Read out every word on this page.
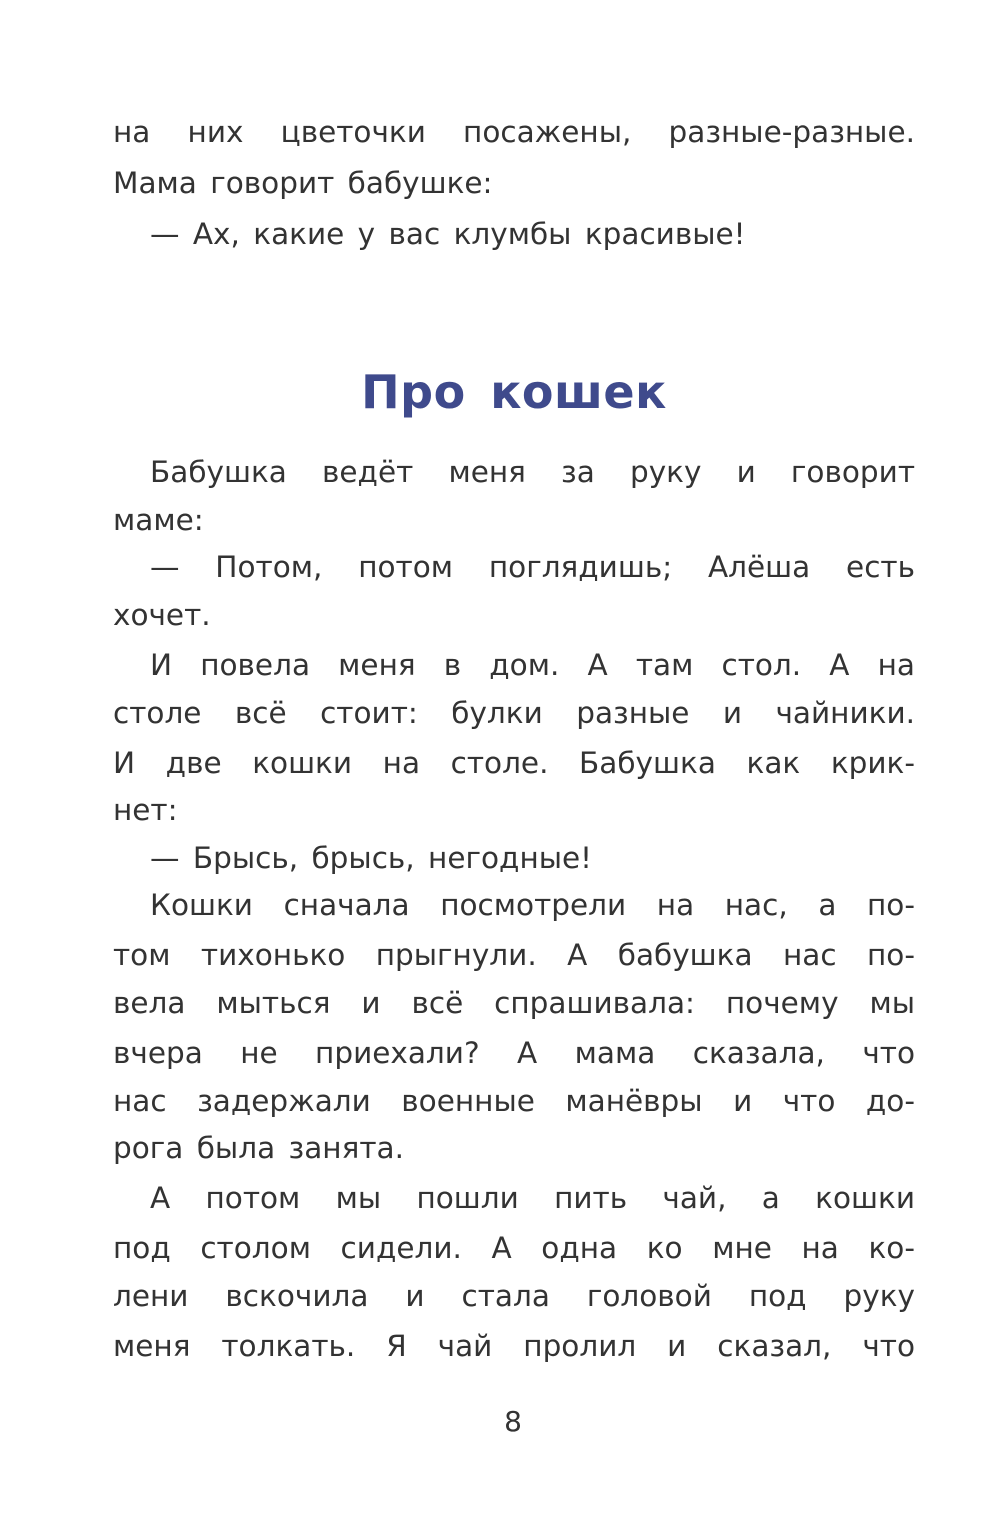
на них цветочки посажены, разные-разные.
Мама говорит бабушке:
— Ах, какие у вас клумбы красивые!
Про кошек
Бабушка ведёт меня за руку и говорит
маме:
— Потом, потом поглядишь; Алёша есть
хочет.
И повела меня в дом. А там стол. А на
столе всё стоит: булки разные и чайники.
И две кошки на столе. Бабушка как крик-
нет:
— Брысь, брысь, негодные!
Кошки сначала посмотрели на нас, а по-
том тихонько прыгнули. А бабушка нас по-
вела мыться и всё спрашивала: почему мы
вчера не приехали? А мама сказала, что
нас задержали военные манёвры и что до-
рога была занята.
А потом мы пошли пить чай, а кошки
под столом сидели. А одна ко мне на ко-
лени вскочила и стала головой под руку
меня толкать. Я чай пролил и сказал, что
8
